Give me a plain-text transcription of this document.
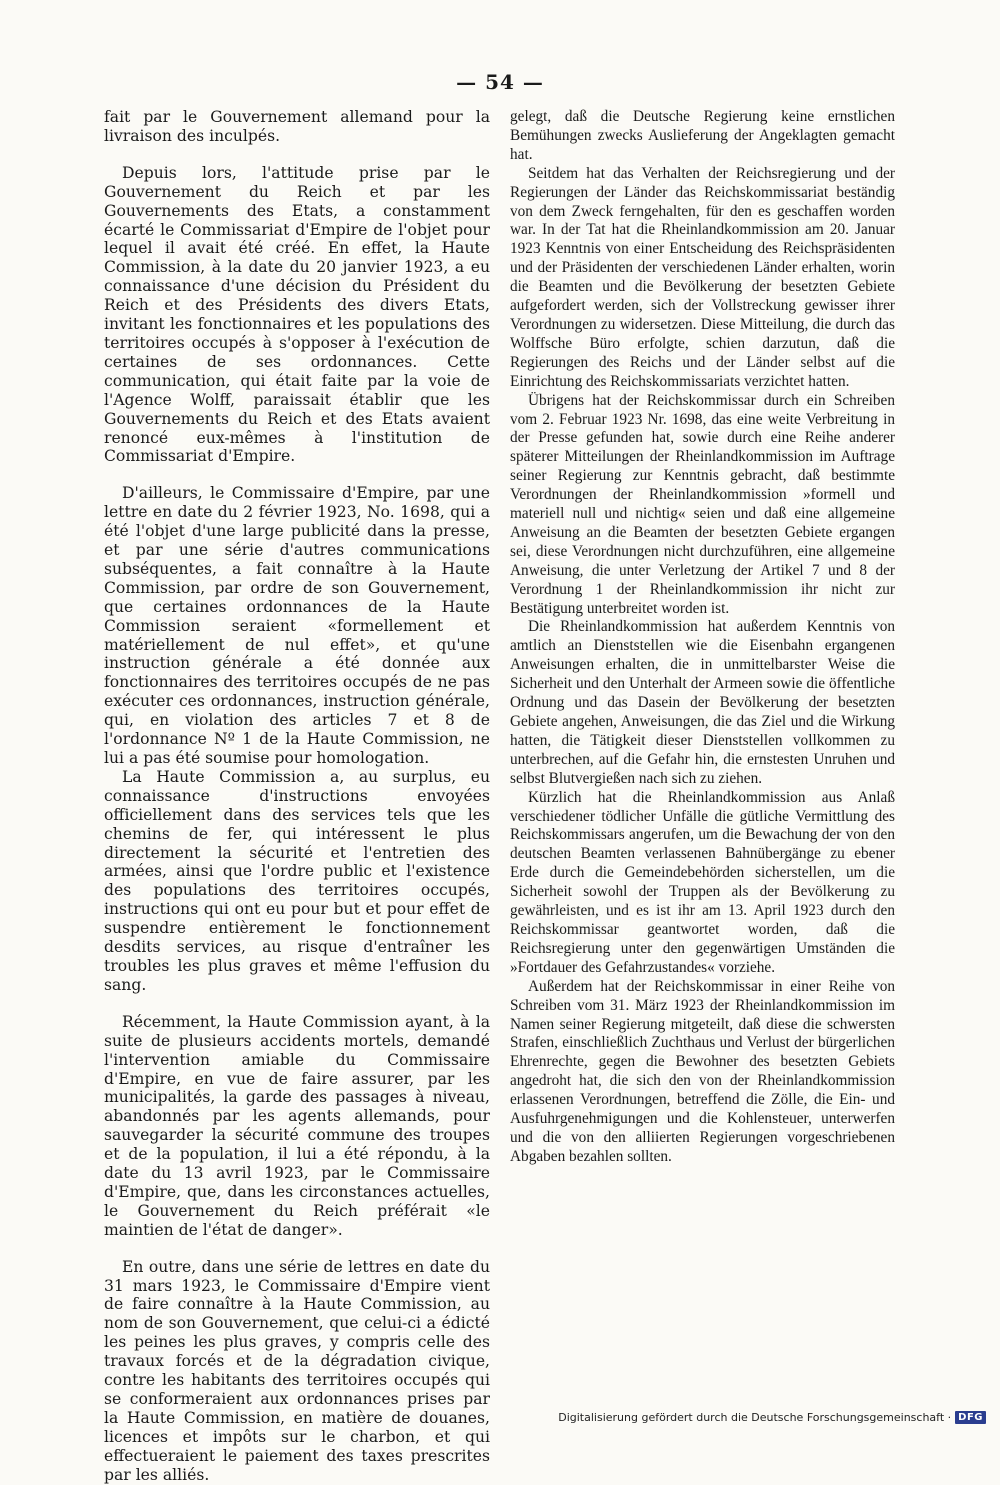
— 54 —

fait par le Gouvernement allemand pour la livraison des inculpés.

Depuis lors, l'attitude prise par le Gouvernement du Reich et par les Gouvernements des Etats, a constamment écarté le Commissariat d'Empire de l'objet pour lequel il avait été créé. En effet, la Haute Commission, à la date du 20 janvier 1923, a eu connaissance d'une décision du Président du Reich et des Présidents des divers Etats, invitant les fonctionnaires et les populations des territoires occupés à s'opposer à l'exécution de certaines de ses ordonnances. Cette communication, qui était faite par la voie de l'Agence Wolff, paraissait établir que les Gouvernements du Reich et des Etats avaient renoncé eux-mêmes à l'institution de Commissariat d'Empire.

D'ailleurs, le Commissaire d'Empire, par une lettre en date du 2 février 1923, No. 1698, qui a été l'objet d'une large publicité dans la presse, et par une série d'autres communications subséquentes, a fait connaître à la Haute Commission, par ordre de son Gouvernement, que certaines ordonnances de la Haute Commission seraient «formellement et matériellement de nul effet», et qu'une instruction générale a été donnée aux fonctionnaires des territoires occupés de ne pas exécuter ces ordonnances, instruction générale, qui, en violation des articles 7 et 8 de l'ordonnance Nº 1 de la Haute Commission, ne lui a pas été soumise pour homologation.

La Haute Commission a, au surplus, eu connaissance d'instructions envoyées officiellement dans des services tels que les chemins de fer, qui intéressent le plus directement la sécurité et l'entretien des armées, ainsi que l'ordre public et l'existence des populations des territoires occupés, instructions qui ont eu pour but et pour effet de suspendre entièrement le fonctionnement desdits services, au risque d'entraîner les troubles les plus graves et même l'effusion du sang.

Récemment, la Haute Commission ayant, à la suite de plusieurs accidents mortels, demandé l'intervention amiable du Commissaire d'Empire, en vue de faire assurer, par les municipalités, la garde des passages à niveau, abandonnés par les agents allemands, pour sauvegarder la sécurité commune des troupes et de la population, il lui a été répondu, à la date du 13 avril 1923, par le Commissaire d'Empire, que, dans les circonstances actuelles, le Gouvernement du Reich préférait «le maintien de l'état de danger».

En outre, dans une série de lettres en date du 31 mars 1923, le Commissaire d'Empire vient de faire connaître à la Haute Commission, au nom de son Gouvernement, que celui-ci a édicté les peines les plus graves, y compris celle des travaux forcés et de la dégradation civique, contre les habitants des territoires occupés qui se conformeraient aux ordonnances prises par la Haute Commission, en matière de douanes, licences et impôts sur le charbon, et qui effectueraient le paiement des taxes prescrites par les alliés.

gelegt, daß die Deutsche Regierung keine ernstlichen Bemühungen zwecks Auslieferung der Angeklagten gemacht hat.

Seitdem hat das Verhalten der Reichsregierung und der Regierungen der Länder das Reichskommissariat beständig von dem Zweck ferngehalten, für den es geschaffen worden war. In der Tat hat die Rheinlandkommission am 20. Januar 1923 Kenntnis von einer Entscheidung des Reichspräsidenten und der Präsidenten der verschiedenen Länder erhalten, worin die Beamten und die Bevölkerung der besetzten Gebiete aufgefordert werden, sich der Vollstreckung gewisser ihrer Verordnungen zu widersetzen. Diese Mitteilung, die durch das Wolffsche Büro erfolgte, schien darzutun, daß die Regierungen des Reichs und der Länder selbst auf die Einrichtung des Reichskommissariats verzichtet hatten.

Übrigens hat der Reichskommissar durch ein Schreiben vom 2. Februar 1923 Nr. 1698, das eine weite Verbreitung in der Presse gefunden hat, sowie durch eine Reihe anderer späterer Mitteilungen der Rheinlandkommission im Auftrage seiner Regierung zur Kenntnis gebracht, daß bestimmte Verordnungen der Rheinlandkommission »formell und materiell null und nichtig« seien und daß eine allgemeine Anweisung an die Beamten der besetzten Gebiete ergangen sei, diese Verordnungen nicht durchzuführen, eine allgemeine Anweisung, die unter Verletzung der Artikel 7 und 8 der Verordnung 1 der Rheinlandkommission ihr nicht zur Bestätigung unterbreitet worden ist.

Die Rheinlandkommission hat außerdem Kenntnis von amtlich an Dienststellen wie die Eisenbahn ergangenen Anweisungen erhalten, die in unmittelbarster Weise die Sicherheit und den Unterhalt der Armeen sowie die öffentliche Ordnung und das Dasein der Bevölkerung der besetzten Gebiete angehen, Anweisungen, die das Ziel und die Wirkung hatten, die Tätigkeit dieser Dienststellen vollkommen zu unterbrechen, auf die Gefahr hin, die ernstesten Unruhen und selbst Blutvergießen nach sich zu ziehen.

Kürzlich hat die Rheinlandkommission aus Anlaß verschiedener tödlicher Unfälle die gütliche Vermittlung des Reichskommissars angerufen, um die Bewachung der von den deutschen Beamten verlassenen Bahnübergänge zu ebener Erde durch die Gemeindebehörden sicherstellen, um die Sicherheit sowohl der Truppen als der Bevölkerung zu gewährleisten, und es ist ihr am 13. April 1923 durch den Reichskommissar geantwortet worden, daß die Reichsregierung unter den gegenwärtigen Umständen die »Fortdauer des Gefahrzustandes« vorziehe.

Außerdem hat der Reichskommissar in einer Reihe von Schreiben vom 31. März 1923 der Rheinlandkommission im Namen seiner Regierung mitgeteilt, daß diese die schwersten Strafen, einschließlich Zuchthaus und Verlust der bürgerlichen Ehrenrechte, gegen die Bewohner des besetzten Gebiets angedroht hat, die sich den von der Rheinlandkommission erlassenen Verordnungen, betreffend die Zölle, die Ein- und Ausfuhrgenehmigungen und die Kohlensteuer, unterwerfen und die von den alliierten Regierungen vorgeschriebenen Abgaben bezahlen sollten.

Digitalisierung gefördert durch die Deutsche Forschungsgemeinschaft · DFG
